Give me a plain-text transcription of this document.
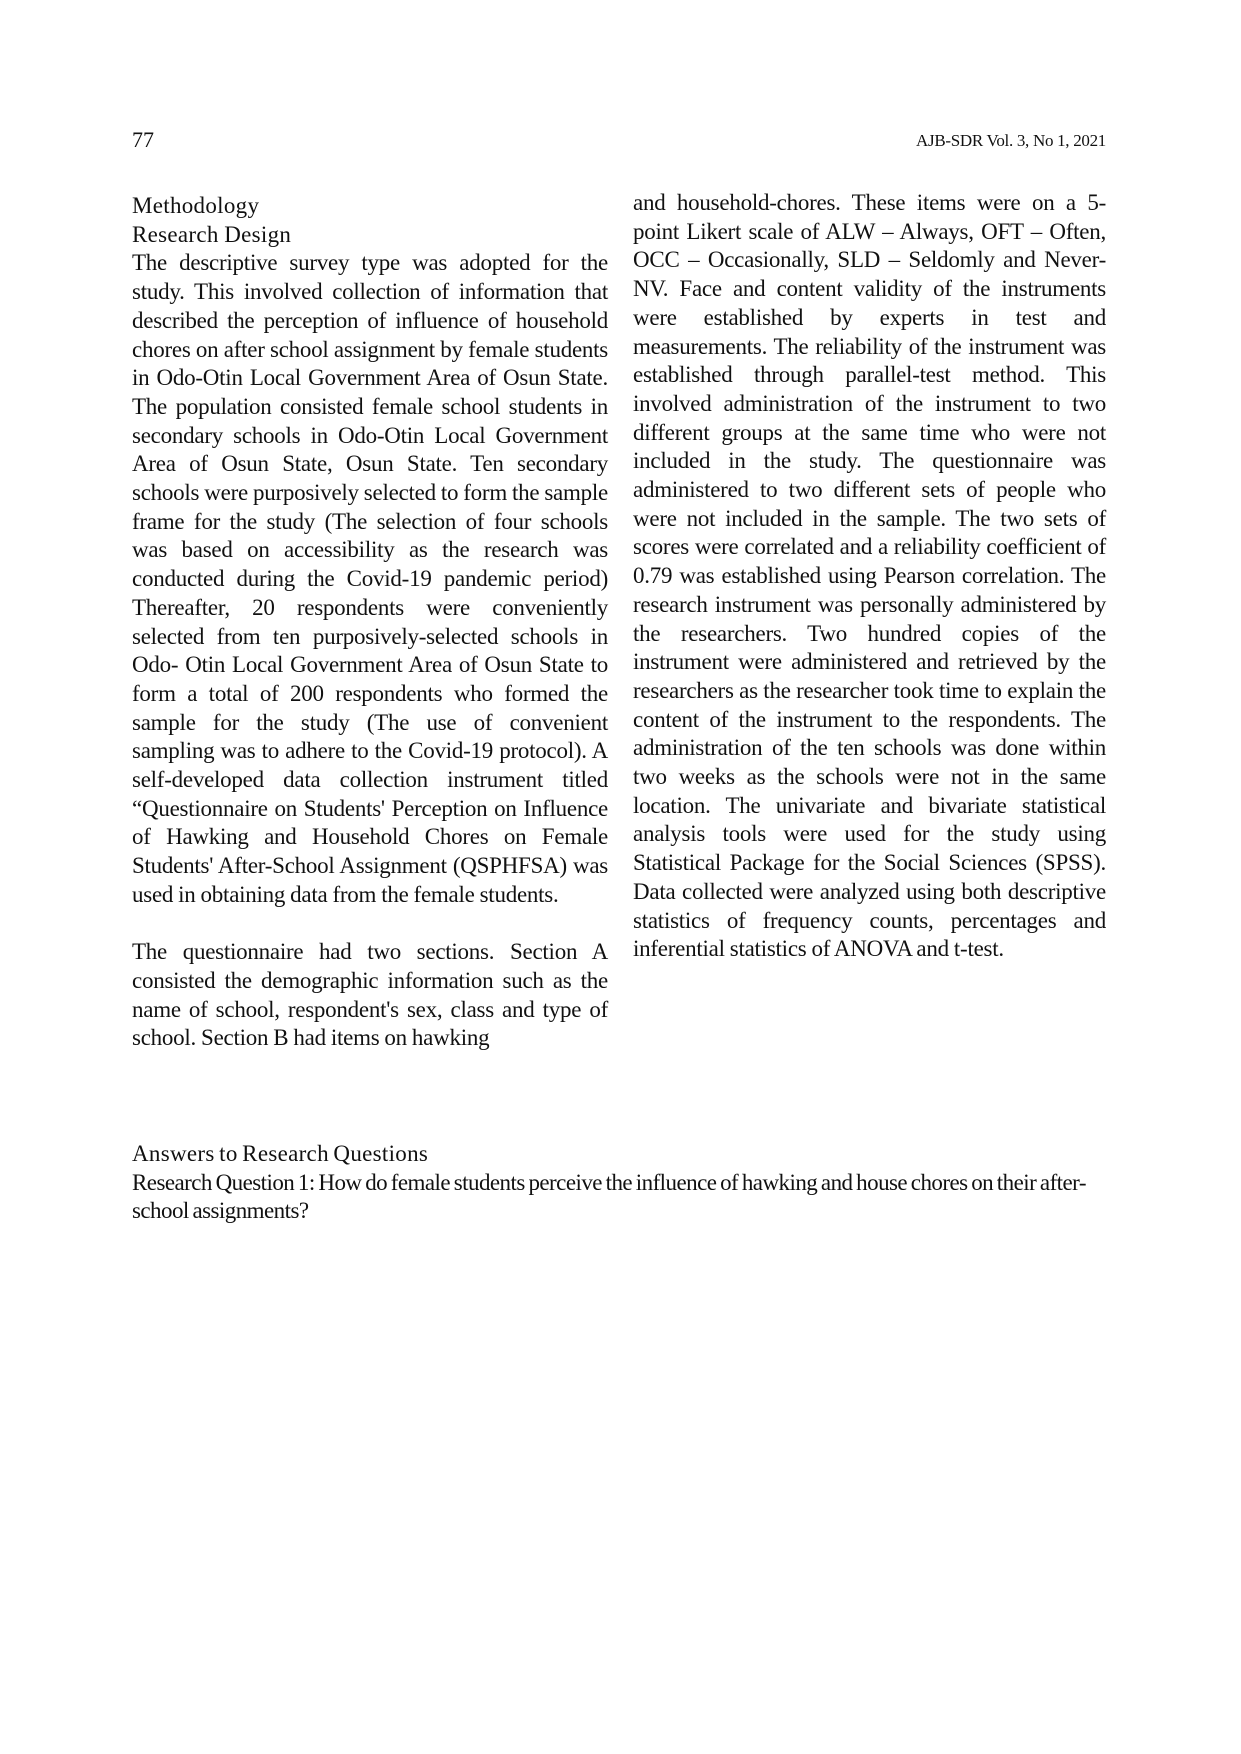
77	AJB-SDR Vol. 3, No 1, 2021

Methodology

Research Design

The descriptive survey type was adopted for the study. This involved collection of information that described the perception of influence of household chores on after school assignment by female students in Odo-Otin Local Government Area of Osun State. The population consisted female school students in secondary schools in Odo-Otin Local Government Area of Osun State, Osun State. Ten secondary schools were purposively selected to form the sample frame for the study (The selection of four schools was based on accessibility as the research was conducted during the Covid-19 pandemic period) Thereafter, 20 respondents were conveniently selected from ten purposively-selected schools in Odo- Otin Local Government Area of Osun State to form a total of 200 respondents who formed the sample for the study (The use of convenient sampling was to adhere to the Covid-19 protocol). A self-developed data collection instrument titled “Questionnaire on Students' Perception on Influence of Hawking and Household Chores on Female Students' After-School Assignment (QSPHFSA) was used in obtaining data from the female students.

The questionnaire had two sections. Section A consisted the demographic information such as the name of school, respondent's sex, class and type of school. Section B had items on hawking

and household-chores. These items were on a 5-point Likert scale of ALW – Always, OFT – Often, OCC – Occasionally, SLD – Seldomly and Never-NV. Face and content validity of the instruments were established by experts in test and measurements. The reliability of the instrument was established through parallel-test method. This involved administration of the instrument to two different groups at the same time who were not included in the study. The questionnaire was administered to two different sets of people who were not included in the sample. The two sets of scores were correlated and a reliability coefficient of 0.79 was established using Pearson correlation. The research instrument was personally administered by the researchers. Two hundred copies of the instrument were administered and retrieved by the researchers as the researcher took time to explain the content of the instrument to the respondents. The administration of the ten schools was done within two weeks as the schools were not in the same location. The univariate and bivariate statistical analysis tools were used for the study using Statistical Package for the Social Sciences (SPSS). Data collected were analyzed using both descriptive statistics of frequency counts, percentages and inferential statistics of ANOVA and t-test.

Answers to Research Questions

Research Question 1: How do female students perceive the influence of hawking and house chores on their after-school assignments?
